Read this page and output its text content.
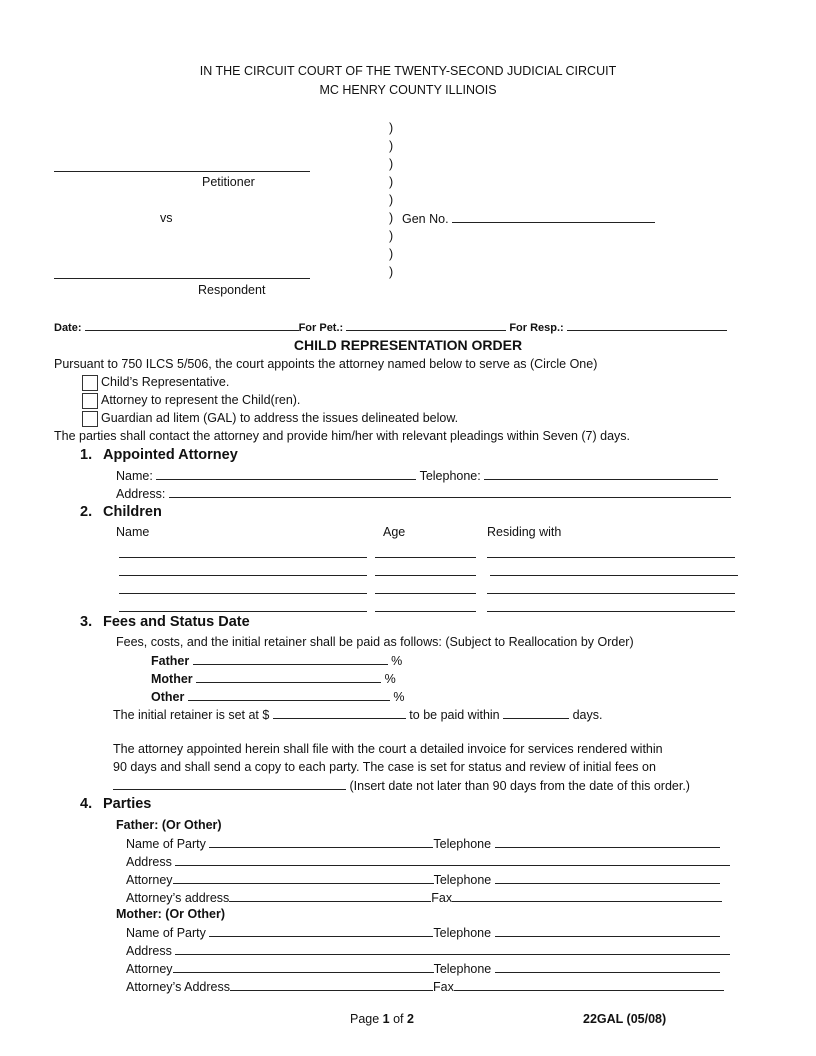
IN THE CIRCUIT COURT OF THE TWENTY-SECOND JUDICIAL CIRCUIT
MC HENRY COUNTY ILLINOIS
)
)
)
)
)
)
)
)
)
Petitioner
vs	Gen No.
Respondent
Date:	For Pet.:	For Resp.:
CHILD REPRESENTATION ORDER
Pursuant to 750 ILCS 5/506, the court appoints the attorney named below to serve as (Circle One)
Child’s Representative.
Attorney to represent the Child(ren).
Guardian ad litem (GAL) to address the issues delineated below.
The parties shall contact the attorney and provide him/her with relevant pleadings within Seven (7) days.
1. Appointed Attorney
Name:	Telephone:
Address:
2. Children
Name	Age	Residing with
3. Fees and Status Date
Fees, costs, and the initial retainer shall be paid as follows: (Subject to Reallocation by Order)
Father	%
Mother	%
Other	%
The initial retainer is set at $	to be paid within	days.
The attorney appointed herein shall file with the court a detailed invoice for services rendered within
90 days and shall send a copy to each party. The case is set for status and review of initial fees on
(Insert date not later than 90 days from the date of this order.)
4. Parties
Father: (Or Other)
Name of Party	Telephone
Address
Attorney	Telephone
Attorney’s address	Fax
Mother: (Or Other)
Name of Party	Telephone
Address
Attorney	Telephone
Attorney’s Address	Fax
Page 1 of 2	22GAL (05/08)
